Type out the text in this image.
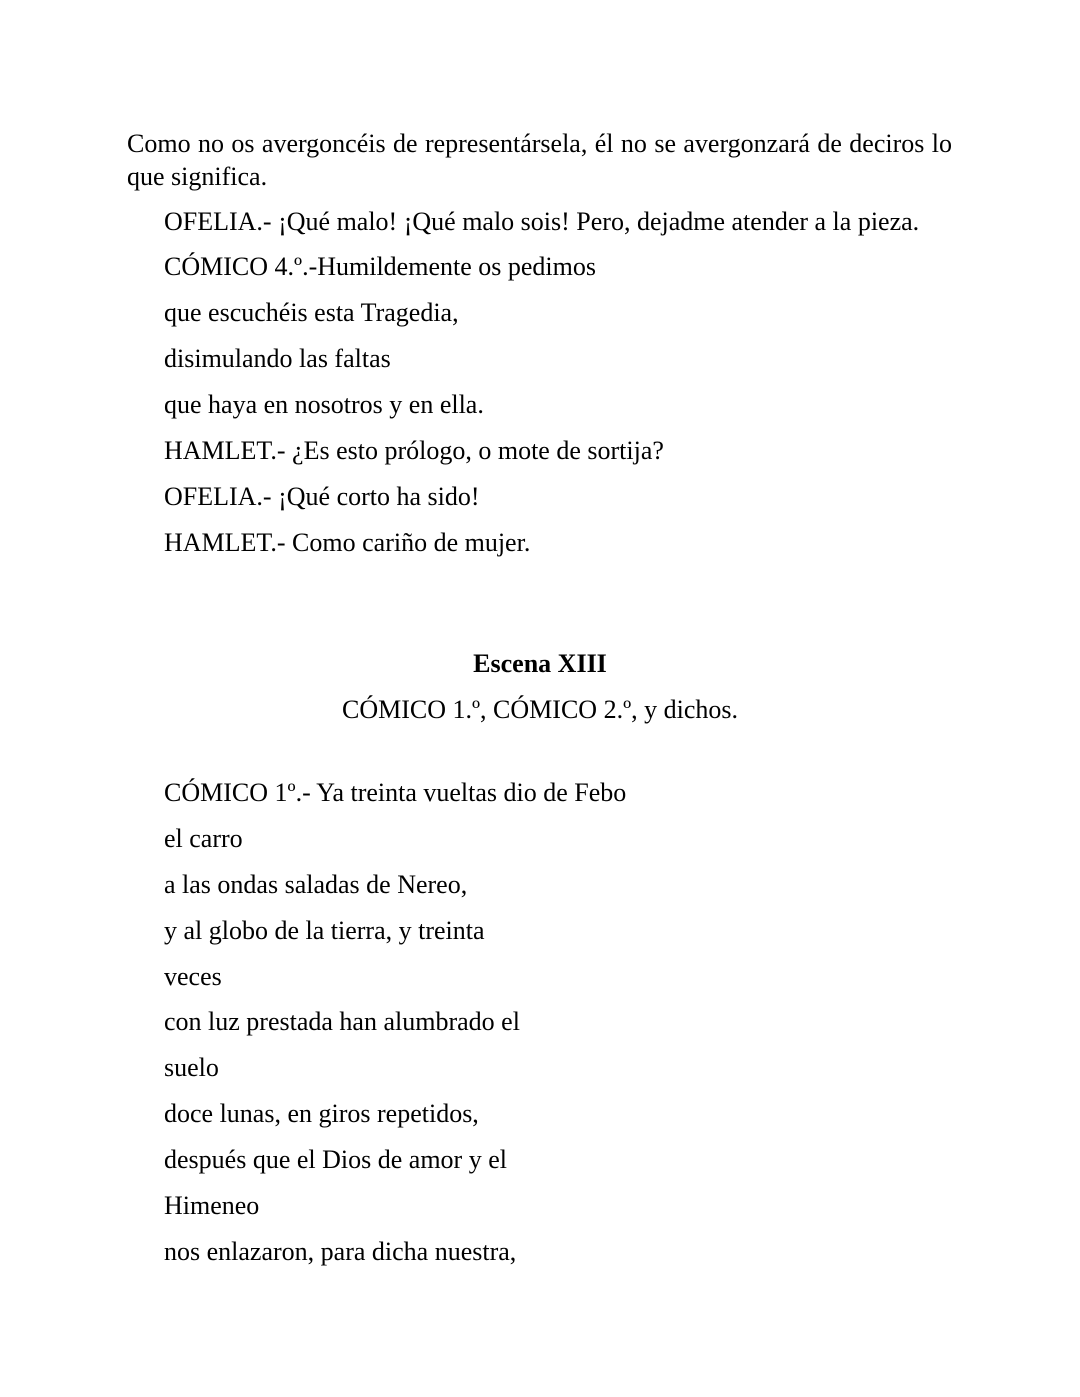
Como no os avergoncéis de representársela, él no se avergonzará de deciros lo que significa.
OFELIA.- ¡Qué malo! ¡Qué malo sois! Pero, dejadme atender a la pieza.
CÓMICO 4.º.-Humildemente os pedimos
que escuchéis esta Tragedia,
disimulando las faltas
que haya en nosotros y en ella.
HAMLET.- ¿Es esto prólogo, o mote de sortija?
OFELIA.- ¡Qué corto ha sido!
HAMLET.- Como cariño de mujer.
Escena XIII
CÓMICO 1.º, CÓMICO 2.º, y dichos.
CÓMICO 1º.- Ya treinta vueltas dio de Febo
el carro
a las ondas saladas de Nereo,
y al globo de la tierra, y treinta
veces
con luz prestada han alumbrado el
suelo
doce lunas, en giros repetidos,
después que el Dios de amor y el
Himeneo
nos enlazaron, para dicha nuestra,
